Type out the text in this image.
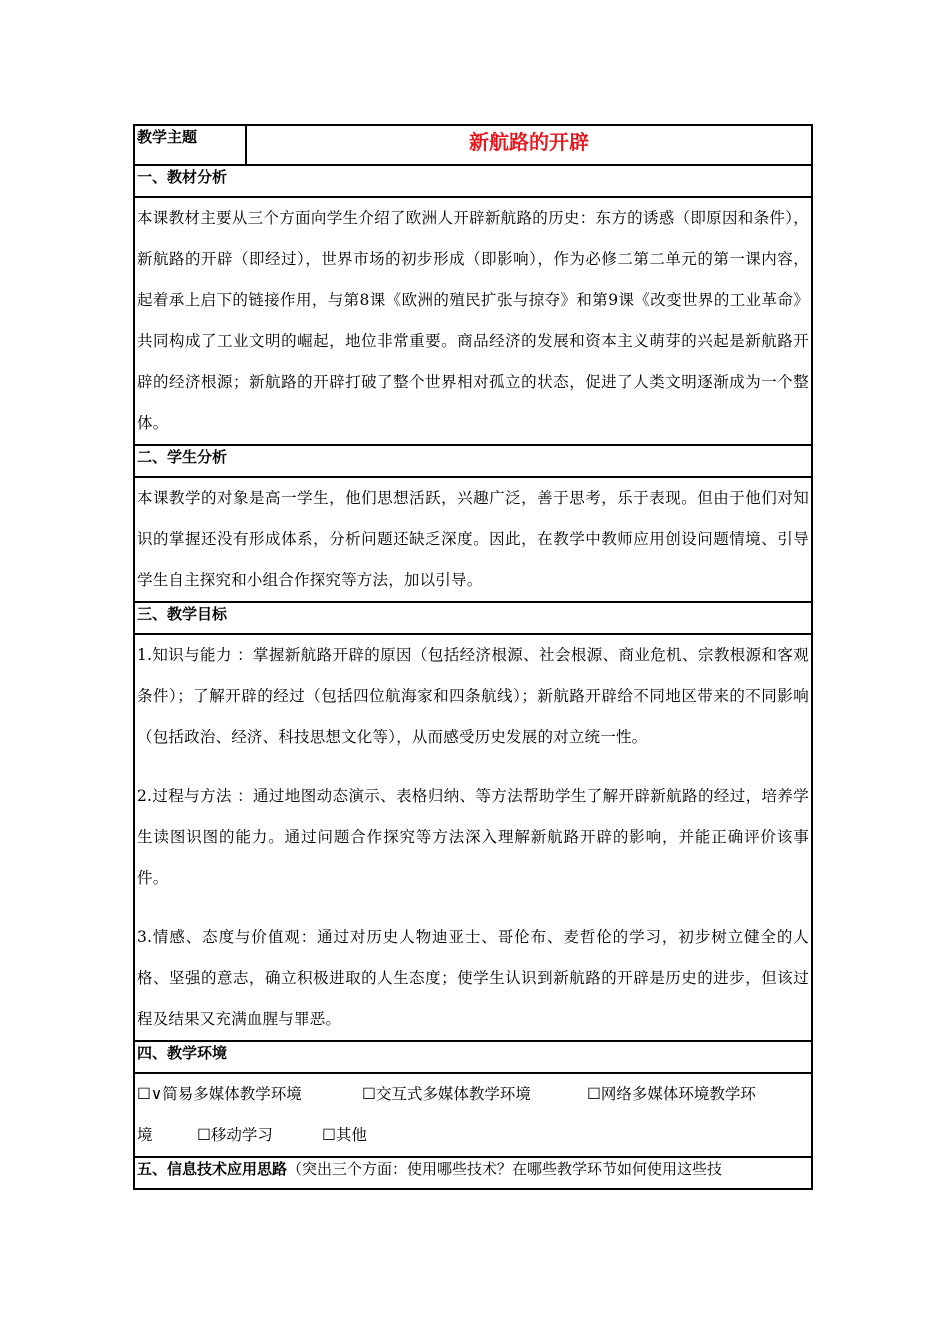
教学主题	新航路的开辟
一、教材分析

本课教材主要从三个方面向学生介绍了欧洲人开辟新航路的历史：东方的诱惑（即原因和条件），新航路的开辟（即经过），世界市场的初步形成（即影响），作为必修二第二单元的第一课内容，起着承上启下的链接作用，与第8课《欧洲的殖民扩张与掠夺》和第9课《改变世界的工业革命》共同构成了工业文明的崛起，地位非常重要。商品经济的发展和资本主义萌芽的兴起是新航路开辟的经济根源；新航路的开辟打破了整个世界相对孤立的状态，促进了人类文明逐渐成为一个整体。

二、学生分析

本课教学的对象是高一学生，他们思想活跃，兴趣广泛，善于思考，乐于表现。但由于他们对知识的掌握还没有形成体系，分析问题还缺乏深度。因此，在教学中教师应用创设问题情境、引导学生自主探究和小组合作探究等方法，加以引导。

三、教学目标

1.知识与能力 ：掌握新航路开辟的原因（包括经济根源、社会根源、商业危机、宗教根源和客观条件）；了解开辟的经过（包括四位航海家和四条航线）；新航路开辟给不同地区带来的不同影响（包括政治、经济、科技思想文化等），从而感受历史发展的对立统一性。

2.过程与方法 ：通过地图动态演示、表格归纳、等方法帮助学生了解开辟新航路的经过，培养学生读图识图的能力。通过问题合作探究等方法深入理解新航路开辟的影响，并能正确评价该事件。

3.情感、态度与价值观：通过对历史人物迪亚士、哥伦布、麦哲伦的学习，初步树立健全的人格、坚强的意志，确立积极进取的人生态度；使学生认识到新航路的开辟是历史的进步，但该过程及结果又充满血腥与罪恶。

四、教学环境

☐∨简易多媒体教学环境	☐交互式多媒体教学环境	☐网络多媒体环境教学环
境	☐移动学习	☐其他

五、信息技术应用思路（突出三个方面：使用哪些技术？在哪些教学环节如何使用这些技
